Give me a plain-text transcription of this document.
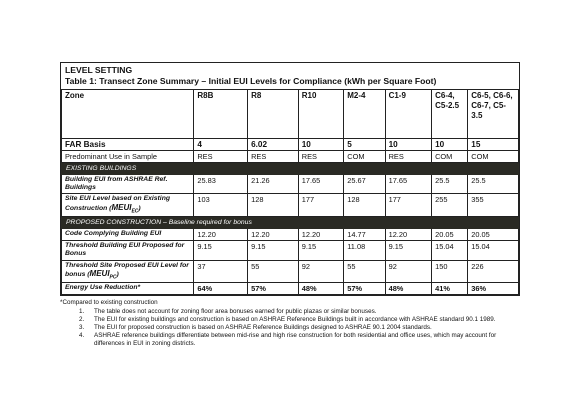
LEVEL SETTING
Table 1: Transect Zone Summary – Initial EUI Levels for Compliance (kWh per Square Foot)
Zone	R8B	R8	R10	M2-4	C1-9	C6-4, C5-2.5	C6-5, C6-6, C6-7, C5-3.5
FAR Basis	4	6.02	10	5	10	10	15
Predominant Use in Sample	RES	RES	RES	COM	RES	COM	COM
EXISTING BUILDINGS							
Building EUI from ASHRAE Ref. Buildings	25.83	21.26	17.65	25.67	17.65	25.5	25.5
Site EUI Level based on Existing Construction $(MEUI_{EC})$	103	128	177	128	177	255	355
PROPOSED CONSTRUCTION – Baseline required for bonus							
Code Complying Building EUI	12.20	12.20	12.20	14.77	12.20	20.05	20.05
Threshold Building EUI Proposed for Bonus	9.15	9.15	9.15	11.08	9.15	15.04	15.04
Threshold Site Proposed EUI Level for bonus $(MEUI_{PC})$	37	55	92	55	92	150	226
Energy Use Reduction*	64%	57%	48%	57%	48%	41%	36%
*Compared to existing construction
1. The table does not account for zoning floor area bonuses earned for public plazas or similar bonuses.
2. The EUI for existing buildings and construction is based on ASHRAE Reference Buildings built in accordance with ASHRAE standard 90.1 1989.
3. The EUI for proposed construction is based on ASHRAE Reference Buildings designed to ASHRAE 90.1 2004 standards.
4. ASHRAE reference buildings differentiate between mid-rise and high rise construction for both residential and office uses, which may account for differences in EUI in zoning districts.
